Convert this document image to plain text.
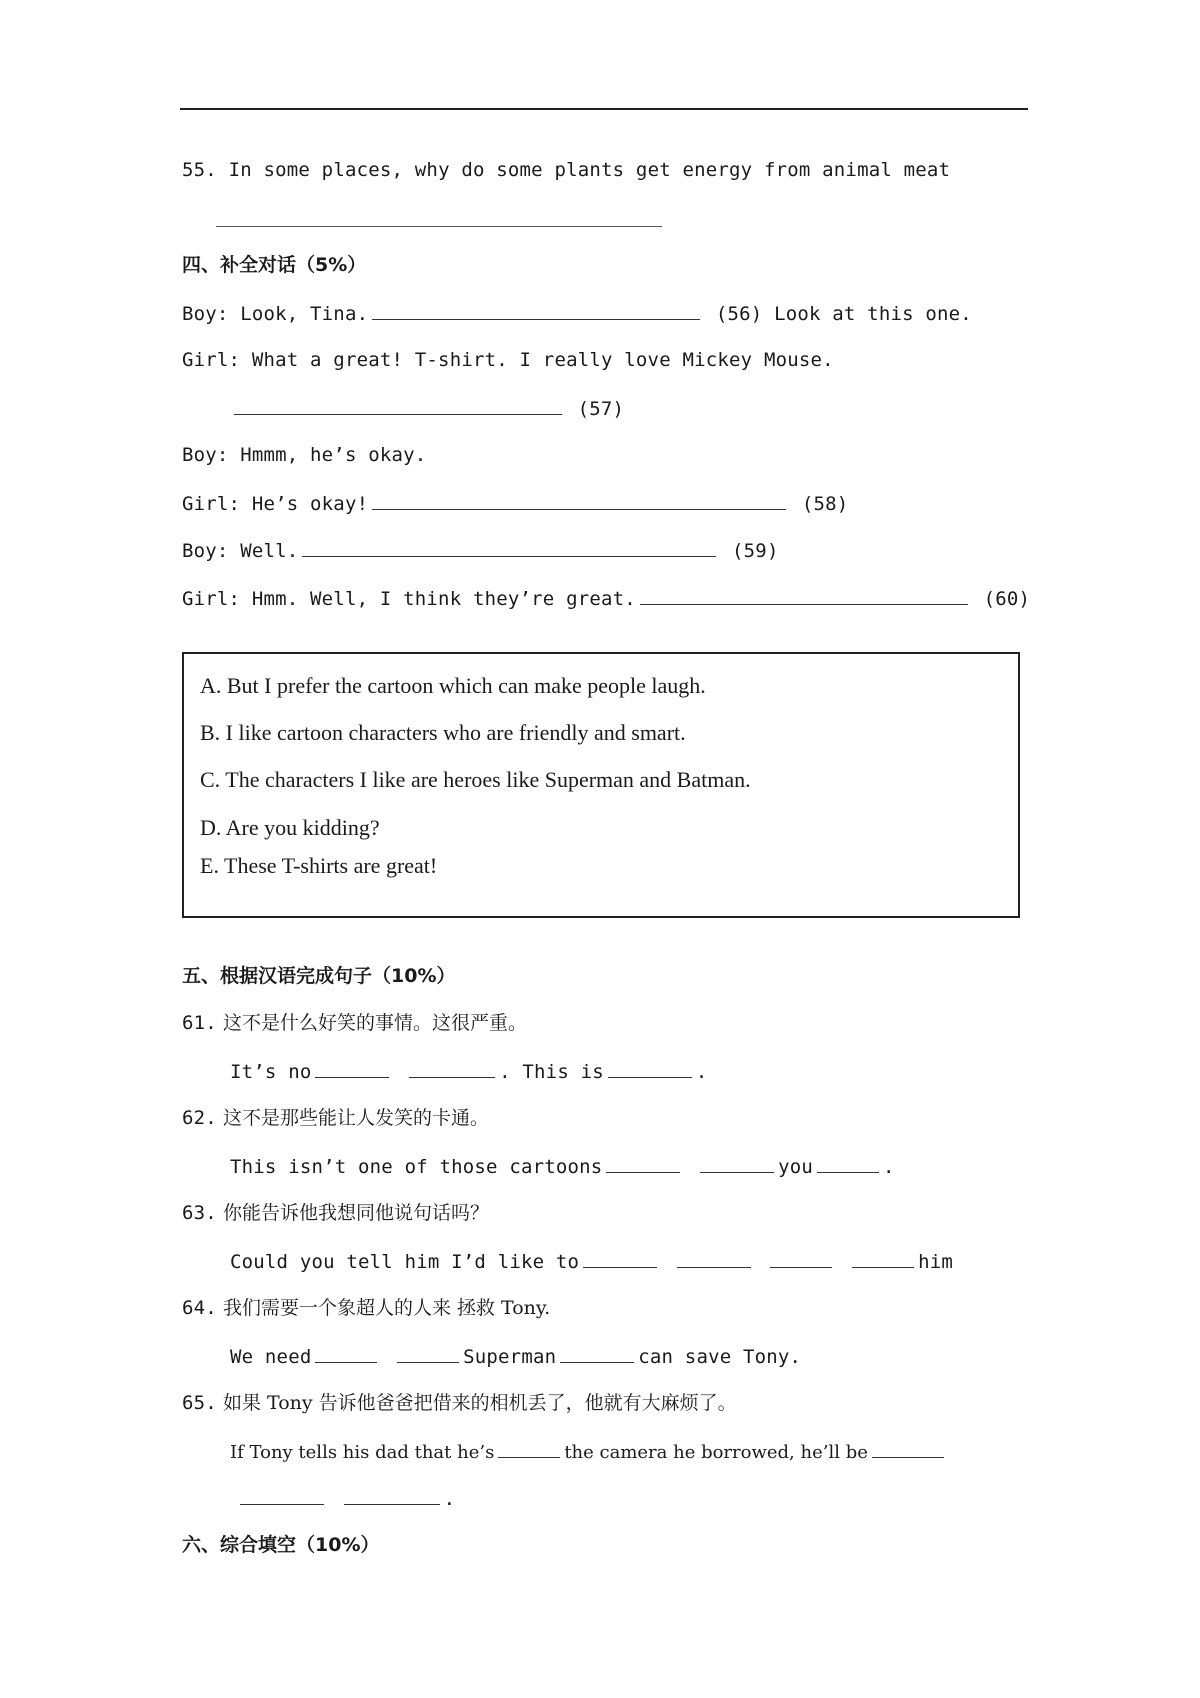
55. In some places, why do some plants get energy from animal meat
四、补全对话（5%）
Boy: Look, Tina.	(56) Look at this one.
Girl: What a great! T-shirt. I really love Mickey Mouse.
(57)
Boy: Hmmm, he’s okay.
Girl: He’s okay!	(58)
Boy: Well.	(59)
Girl: Hmm. Well, I think they’re great.	(60)
A. But I prefer the cartoon which can make people laugh.
B. I like cartoon characters who are friendly and smart.
C. The characters I like are heroes like Superman and Batman.
D. Are you kidding?
E. These T-shirts are great!
五、根据汉语完成句子（10%）
61. 这不是什么好笑的事情。这很严重。
It’s no	. This is	.
62. 这不是那些能让人发笑的卡通。
This isn’t one of those cartoons	you	.
63. 你能告诉他我想同他说句话吗？
Could you tell him I’d like to	him
64. 我们需要一个象超人的人来 拯救 Tony.
We need	Superman	can save Tony.
65. 如果 Tony 告诉他爸爸把借来的相机丢了，他就有大麻烦了。
If Tony tells his dad that he’s	the camera he borrowed, he’ll be
.
六、综合填空（10%）
